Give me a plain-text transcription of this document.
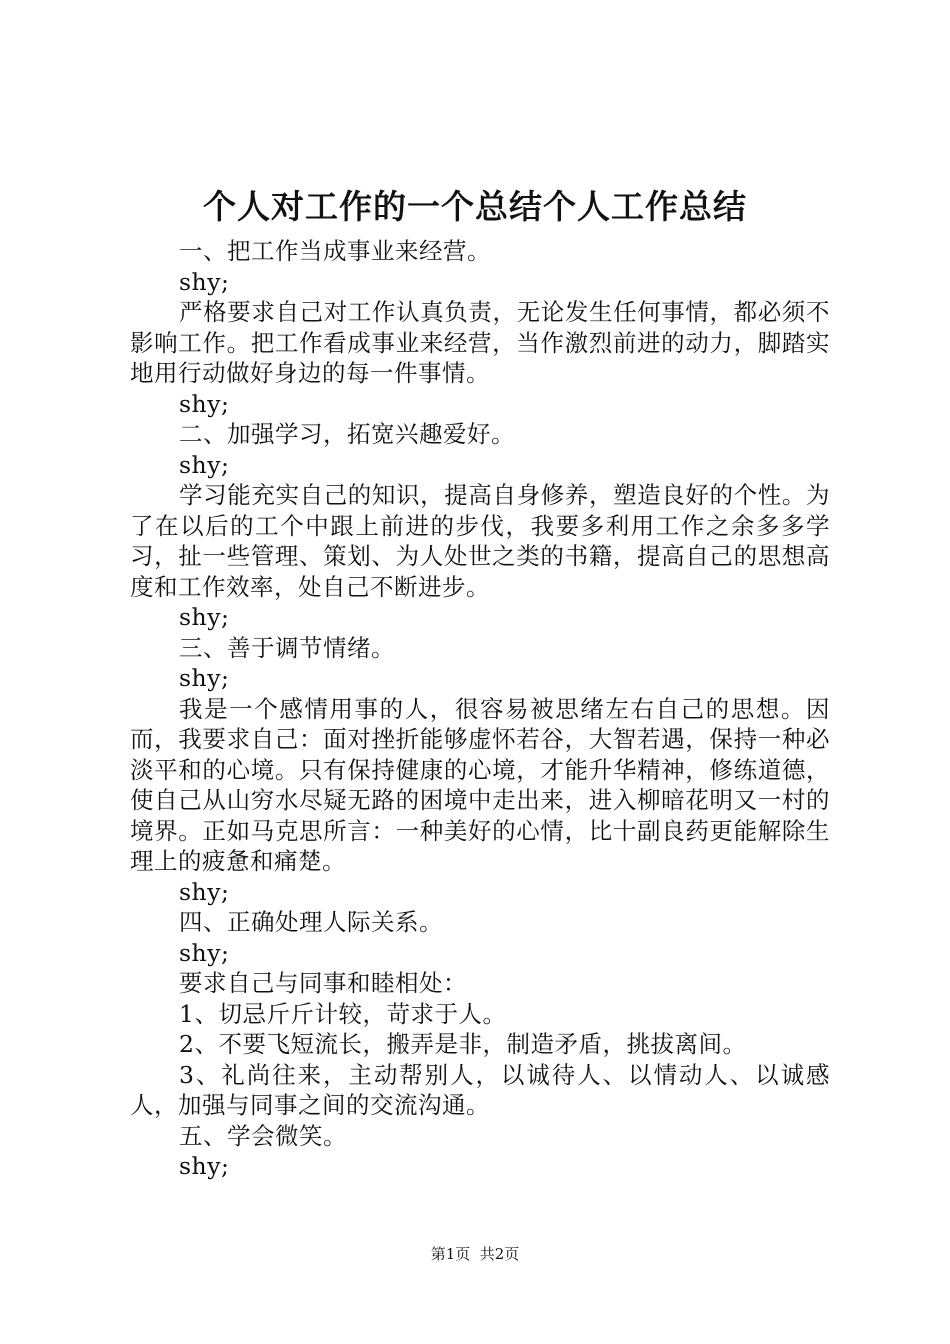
个人对工作的一个总结个人工作总结

一、把工作当成事业来经营。

shy;

严格要求自己对工作认真负责，无论发生任何事情，都必须不影响工作。把工作看成事业来经营，当作激烈前进的动力，脚踏实地用行动做好身边的每一件事情。

shy;

二、加强学习，拓宽兴趣爱好。

shy;

学习能充实自己的知识，提高自身修养，塑造良好的个性。为了在以后的工个中跟上前进的步伐，我要多利用工作之余多多学习，扯一些管理、策划、为人处世之类的书籍，提高自己的思想高度和工作效率，处自己不断进步。

shy;

三、善于调节情绪。

shy;

我是一个感情用事的人，很容易被思绪左右自己的思想。因而，我要求自己：面对挫折能够虚怀若谷，大智若遇，保持一种必淡平和的心境。只有保持健康的心境，才能升华精神，修练道德，使自己从山穷水尽疑无路的困境中走出来，进入柳暗花明又一村的境界。正如马克思所言：一种美好的心情，比十副良药更能解除生理上的疲惫和痛楚。

shy;

四、正确处理人际关系。

shy;

要求自己与同事和睦相处：

1、切忌斤斤计较，苛求于人。

2、不要飞短流长，搬弄是非，制造矛盾，挑拔离间。

3、礼尚往来，主动帮别人，以诚待人、以情动人、以诚感人，加强与同事之间的交流沟通。

五、学会微笑。

shy;

第1页  共2页
